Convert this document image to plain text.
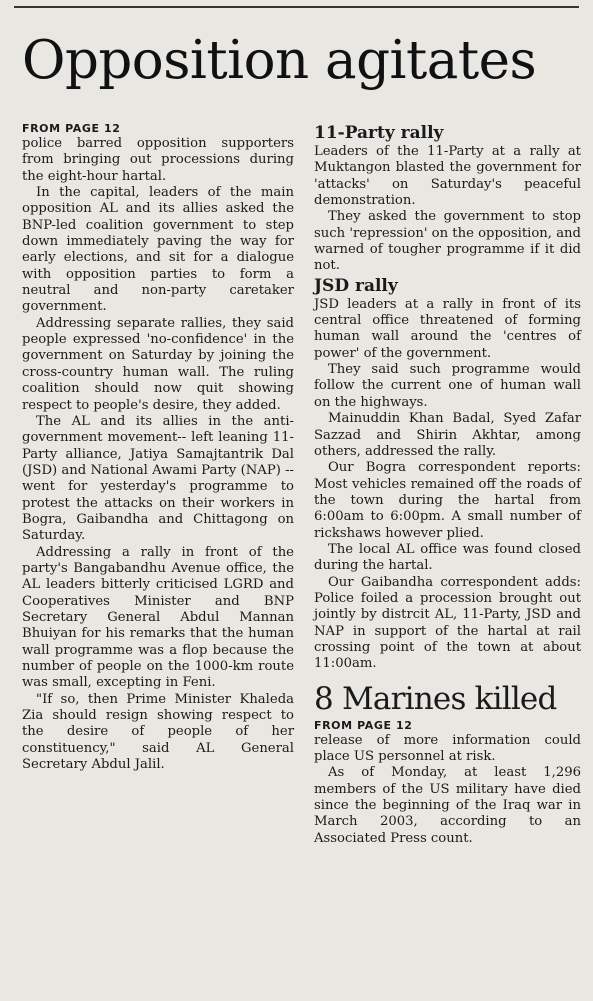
Opposition agitates
FROM PAGE 12

police barred opposition supporters from bringing out processions during the eight-hour hartal.

In the capital, leaders of the main opposition AL and its allies asked the BNP-led coalition government to step down immediately paving the way for early elections, and sit for a dialogue with opposition parties to form a neutral and non-party caretaker government.

Addressing separate rallies, they said people expressed 'no-confidence' in the government on Saturday by joining the cross-country human wall. The ruling coalition should now quit showing respect to people's desire, they added.

The AL and its allies in the anti-government movement-- left leaning 11-Party alliance, Jatiya Samajtantrik Dal (JSD) and National Awami Party (NAP) -- went for yesterday's programme to protest the attacks on their workers in Bogra, Gaibandha and Chittagong on Saturday.

Addressing a rally in front of the party's Bangabandhu Avenue office, the AL leaders bitterly criticised LGRD and Cooperatives Minister and BNP Secretary General Abdul Mannan Bhuiyan for his remarks that the human wall programme was a flop because the number of people on the 1000-km route was small, excepting in Feni.

"If so, then Prime Minister Khaleda Zia should resign showing respect to the desire of people of her constituency," said AL General Secretary Abdul Jalil.

11-Party rally

Leaders of the 11-Party at a rally at Muktangon blasted the government for 'attacks' on Saturday's peaceful demonstration.

They asked the government to stop such 'repression' on the opposition, and warned of tougher programme if it did not.

JSD rally

JSD leaders at a rally in front of its central office threatened of forming human wall around the 'centres of power' of the government.

They said such programme would follow the current one of human wall on the highways.

Mainuddin Khan Badal, Syed Zafar Sazzad and Shirin Akhtar, among others, addressed the rally.

Our Bogra correspondent reports: Most vehicles remained off the roads of the town during the hartal from 6:00am to 6:00pm. A small number of rickshaws however plied.

The local AL office was found closed during the hartal.

Our Gaibandha correspondent adds: Police foiled a procession brought out jointly by distrcit AL, 11-Party, JSD and NAP in support of the hartal at rail crossing point of the town at about 11:00am.

8 Marines killed
FROM PAGE 12

release of more information could place US personnel at risk.

As of Monday, at least 1,296 members of the US military have died since the beginning of the Iraq war in March 2003, according to an Associated Press count.
